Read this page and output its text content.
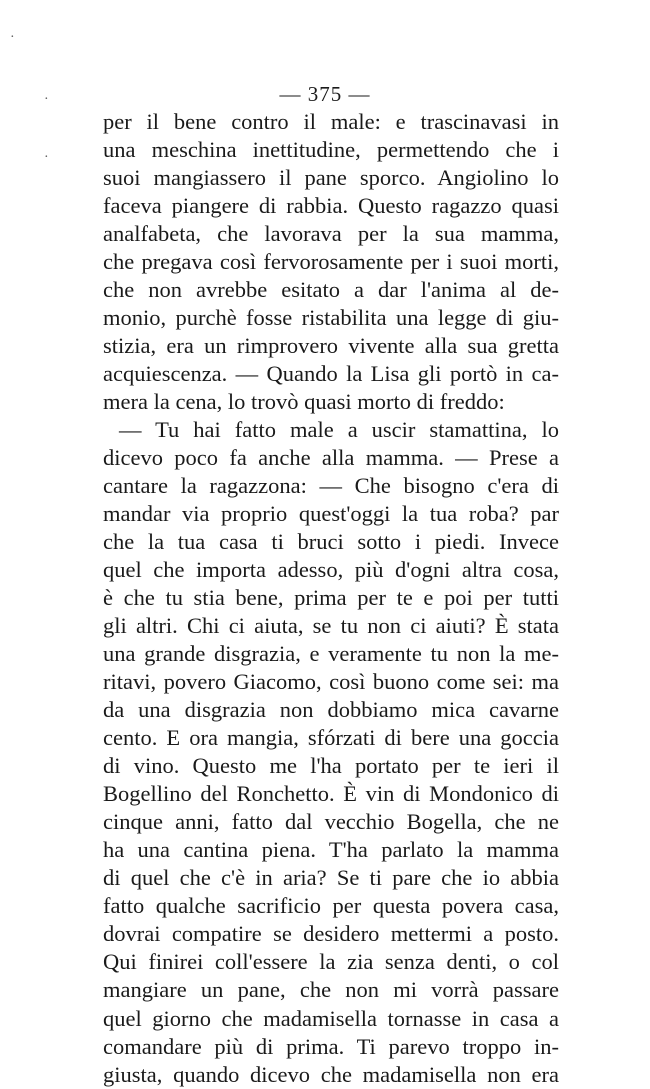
— 375 —
·
·
·
per il bene contro il male: e trascinavasi in
una meschina inettitudine, permettendo che i
suoi mangiassero il pane sporco. Angiolino lo
faceva piangere di rabbia. Questo ragazzo quasi
analfabeta, che lavorava per la sua mamma,
che pregava così fervorosamente per i suoi morti,
che non avrebbe esitato a dar l'anima al de-
monio, purchè fosse ristabilita una legge di giu-
stizia, era un rimprovero vivente alla sua gretta
acquiescenza. — Quando la Lisa gli portò in ca-
mera la cena, lo trovò quasi morto di freddo:
— Tu hai fatto male a uscir stamattina, lo
dicevo poco fa anche alla mamma. — Prese a
cantare la ragazzona: — Che bisogno c'era di
mandar via proprio quest'oggi la tua roba? par
che la tua casa ti bruci sotto i piedi. Invece
quel che importa adesso, più d'ogni altra cosa,
è che tu stia bene, prima per te e poi per tutti
gli altri. Chi ci aiuta, se tu non ci aiuti? È stata
una grande disgrazia, e veramente tu non la me-
ritavi, povero Giacomo, così buono come sei: ma
da una disgrazia non dobbiamo mica cavarne
cento. E ora mangia, sfórzati di bere una goccia
di vino. Questo me l'ha portato per te ieri il
Bogellino del Ronchetto. È vin di Mondonico di
cinque anni, fatto dal vecchio Bogella, che ne
ha una cantina piena. T'ha parlato la mamma
di quel che c'è in aria? Se ti pare che io abbia
fatto qualche sacrificio per questa povera casa,
dovrai compatire se desidero mettermi a posto.
Qui finirei coll'essere la zia senza denti, o col
mangiare un pane, che non mi vorrà passare
quel giorno che madamisella tornasse in casa a
comandare più di prima. Ti parevo troppo in-
giusta, quando dicevo che madamisella non era
